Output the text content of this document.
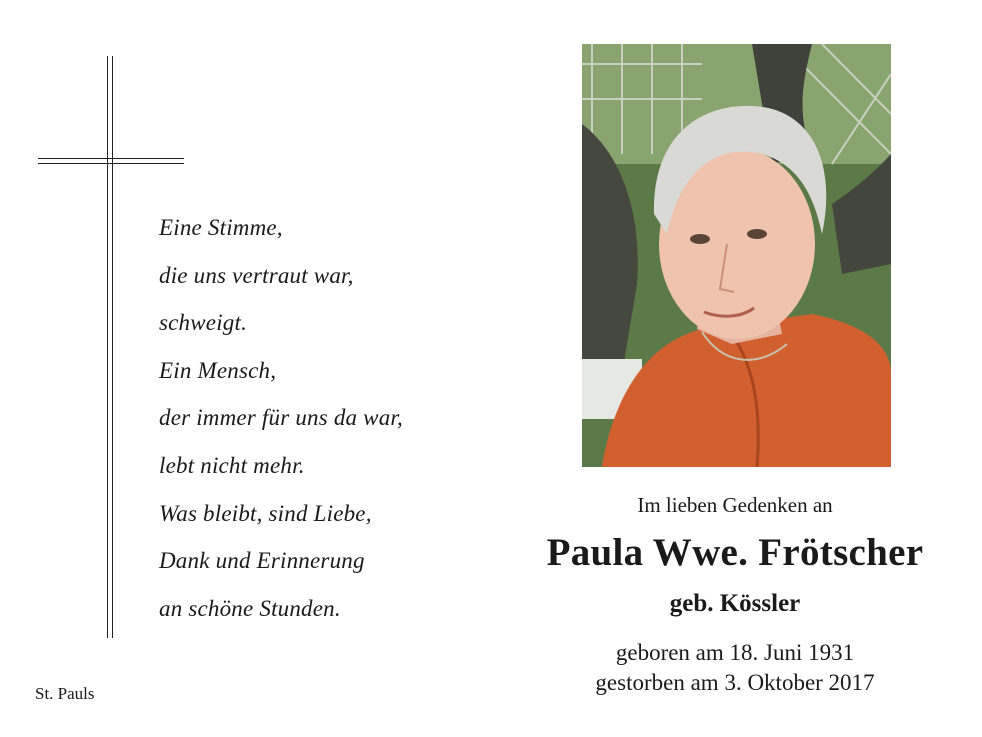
Eine Stimme,
die uns vertraut war,
schweigt.
Ein Mensch,
der immer für uns da war,
lebt nicht mehr.
Was bleibt, sind Liebe,
Dank und Erinnerung
an schöne Stunden.
St. Pauls
Im lieben Gedenken an
Paula Wwe. Frötscher
geb. Kössler
geboren am 18. Juni 1931
gestorben am 3. Oktober 2017
